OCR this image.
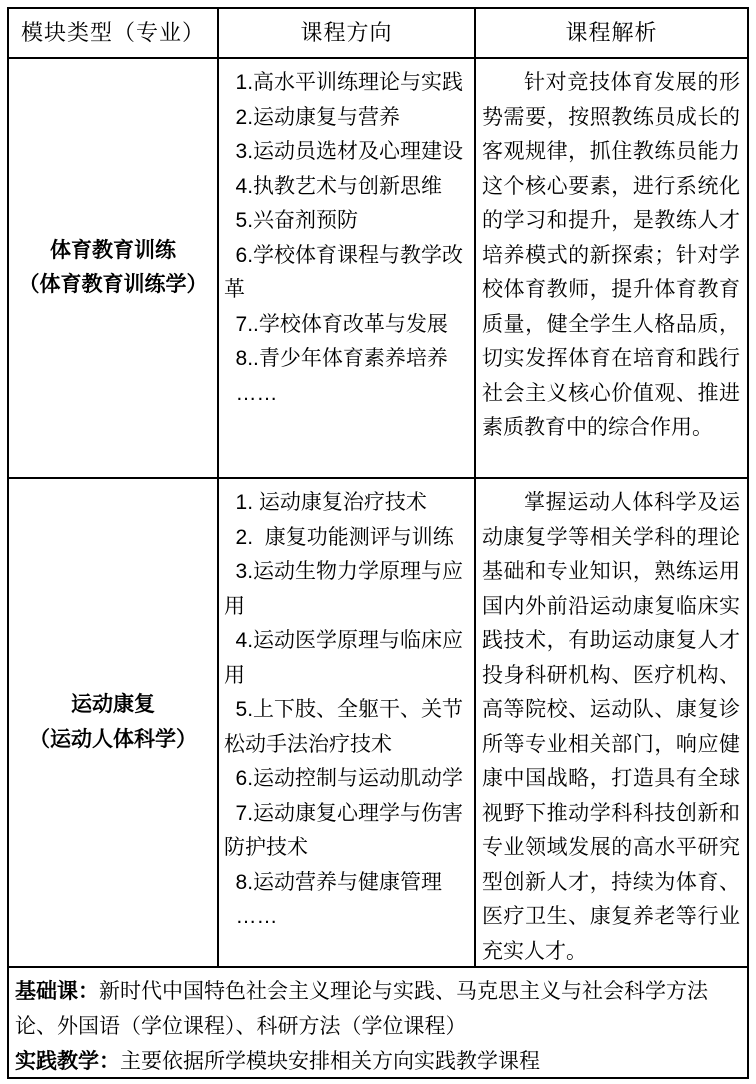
模块类型（专业）	课程方向	课程解析
体育教育训练
（体育教育训练学）
1.高水平训练理论与实践
2.运动康复与营养
3.运动员选材及心理建设
4.执教艺术与创新思维
5.兴奋剂预防
6.学校体育课程与教学改革
7..学校体育改革与发展
8..青少年体育素养培养
……
针对竞技体育发展的形势需要，按照教练员成长的客观规律，抓住教练员能力这个核心要素，进行系统化的学习和提升，是教练人才培养模式的新探索；针对学校体育教师，提升体育教育质量，健全学生人格品质，切实发挥体育在培育和践行社会主义核心价值观、推进素质教育中的综合作用。
运动康复
（运动人体科学）
1. 运动康复治疗技术
2.  康复功能测评与训练
3.运动生物力学原理与应用
4.运动医学原理与临床应用
5.上下肢、全躯干、关节松动手法治疗技术
6.运动控制与运动肌动学
7.运动康复心理学与伤害防护技术
8.运动营养与健康管理
……
掌握运动人体科学及运动康复学等相关学科的理论基础和专业知识，熟练运用国内外前沿运动康复临床实践技术，有助运动康复人才投身科研机构、医疗机构、高等院校、运动队、康复诊所等专业相关部门，响应健康中国战略，打造具有全球视野下推动学科科技创新和专业领域发展的高水平研究型创新人才，持续为体育、医疗卫生、康复养老等行业充实人才。
基础课：新时代中国特色社会主义理论与实践、马克思主义与社会科学方法论、外国语（学位课程）、科研方法（学位课程）
实践教学：主要依据所学模块安排相关方向实践教学课程
